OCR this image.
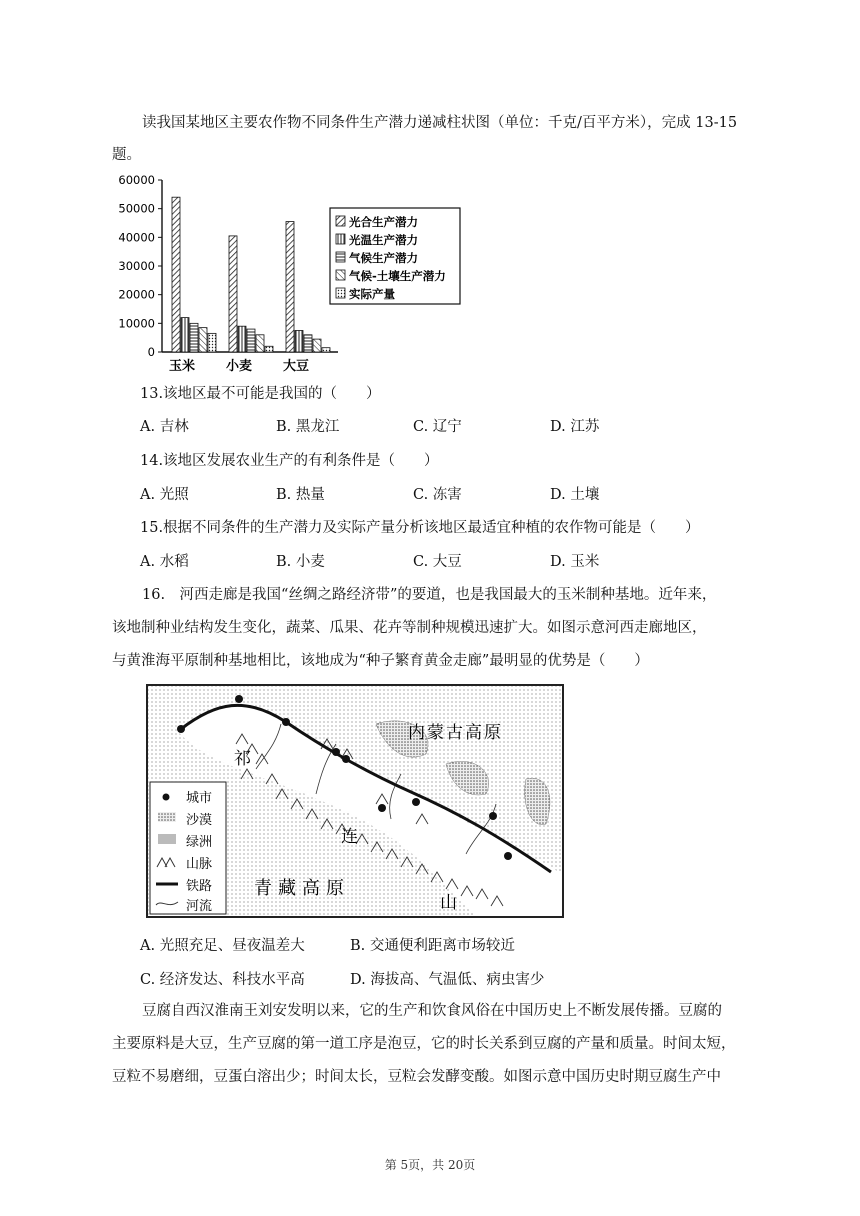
读我国某地区主要农作物不同条件生产潜力递减柱状图（单位：千克/百平方米），完成 13-15

题。

60000
50000
40000
30000
20000
10000
0
玉米 小麦 大豆
光合生产潜力
光温生产潜力
气候生产潜力
气候-土壤生产潜力
实际产量
13.该地区最不可能是我国的（　　）
A. 吉林	B. 黑龙江	C. 辽宁	D. 江苏
14.该地区发展农业生产的有利条件是（　　）
A. 光照	B. 热量	C. 冻害	D. 土壤
15.根据不同条件的生产潜力及实际产量分析该地区最适宜种植的农作物可能是（　　）
A. 水稻	B. 小麦	C. 大豆	D. 玉米

16.　河西走廊是我国“丝绸之路经济带”的要道，也是我国最大的玉米制种基地。近年来，

该地制种业结构发生变化，蔬菜、瓜果、花卉等制种规模迅速扩大。如图示意河西走廊地区，

与黄淮海平原制种基地相比，该地成为“种子繁育黄金走廊”最明显的优势是（　　）

内蒙古高原
祁
连
山
青藏高原
城市
沙漠
绿洲
山脉
铁路
河流
A. 光照充足、昼夜温差大	B. 交通便利距离市场较近
C. 经济发达、科技水平高	D. 海拔高、气温低、病虫害少

豆腐自西汉淮南王刘安发明以来，它的生产和饮食风俗在中国历史上不断发展传播。豆腐的

主要原料是大豆，生产豆腐的第一道工序是泡豆，它的时长关系到豆腐的产量和质量。时间太短，

豆粒不易磨细，豆蛋白溶出少；时间太长，豆粒会发酵变酸。如图示意中国历史时期豆腐生产中

第 5页，共 20页
